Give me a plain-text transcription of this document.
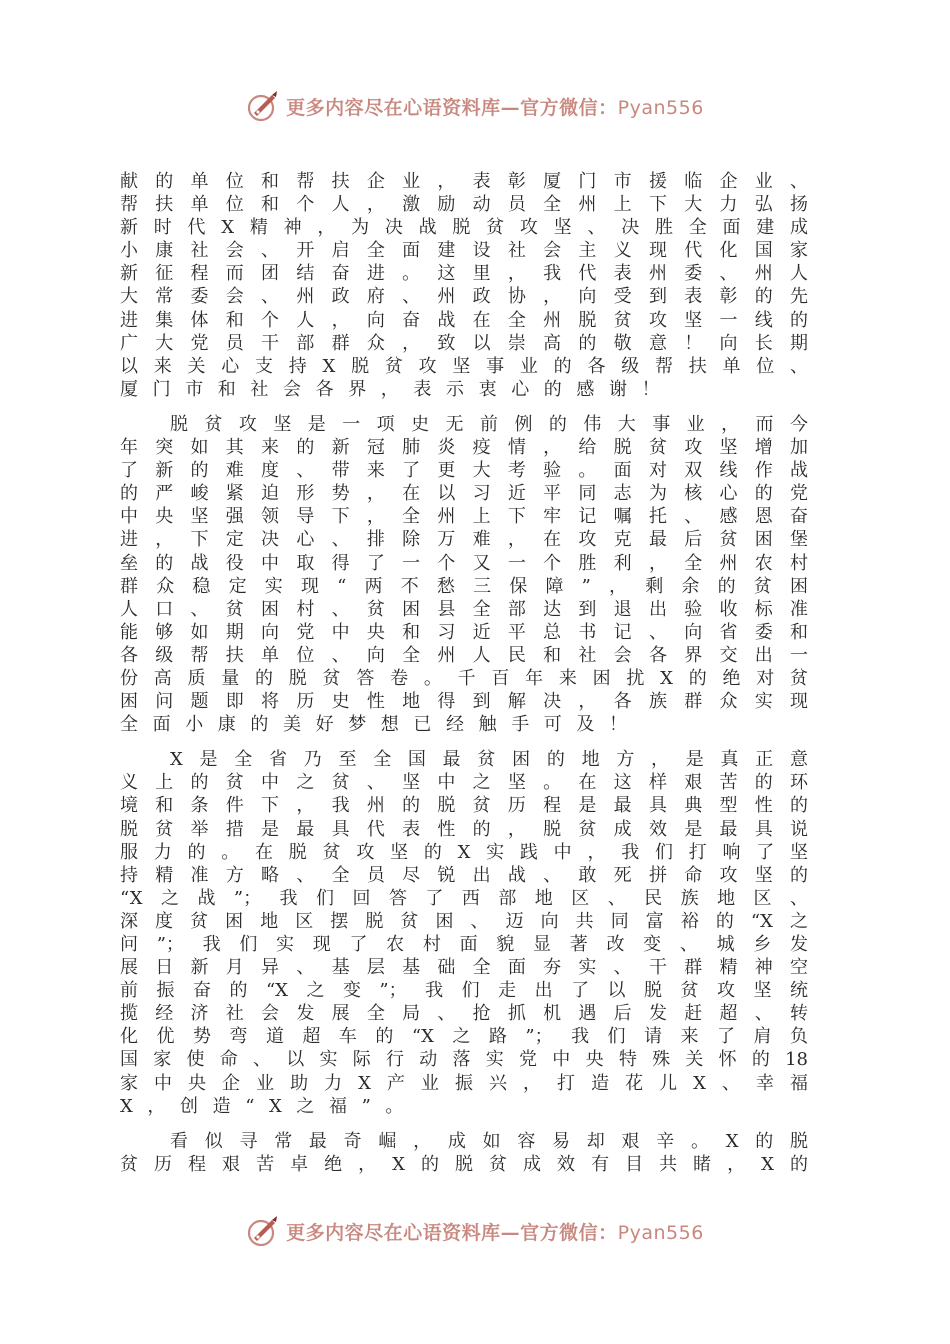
更多内容尽在心语资料库—官方微信：Pyan556
献的单位和帮扶企业，表彰厦门市援临企业、
帮扶单位和个人，激励动员全州上下大力弘扬
新时代X精神，为决战脱贫攻坚、决胜全面建成
小康社会、开启全面建设社会主义现代化国家
新征程而团结奋进。这里，我代表州委、州人
大常委会、州政府、州政协，向受到表彰的先
进集体和个人，向奋战在全州脱贫攻坚一线的
广大党员干部群众，致以崇高的敬意！向长期
以来关心支持X脱贫攻坚事业的各级帮扶单位、
厦门市和社会各界，表示衷心的感谢！
脱贫攻坚是一项史无前例的伟大事业，而今
年突如其来的新冠肺炎疫情，给脱贫攻坚增加
了新的难度、带来了更大考验。面对双线作战
的严峻紧迫形势，在以习近平同志为核心的党
中央坚强领导下，全州上下牢记嘱托、感恩奋
进，下定决心、排除万难，在攻克最后贫困堡
垒的战役中取得了一个又一个胜利，全州农村
群众稳定实现“两不愁三保障”，剩余的贫困
人口、贫困村、贫困县全部达到退出验收标准
能够如期向党中央和习近平总书记、向省委和
各级帮扶单位、向全州人民和社会各界交出一
份高质量的脱贫答卷。千百年来困扰X的绝对贫
困问题即将历史性地得到解决，各族群众实现
全面小康的美好梦想已经触手可及！
X是全省乃至全国最贫困的地方，是真正意
义上的贫中之贫、坚中之坚。在这样艰苦的环
境和条件下，我州的脱贫历程是最具典型性的
脱贫举措是最具代表性的，脱贫成效是最具说
服力的。在脱贫攻坚的X实践中，我们打响了坚
持精准方略、全员尽锐出战、敢死拼命攻坚的
“X之战”；我们回答了西部地区、民族地区、
深度贫困地区摆脱贫困、迈向共同富裕的“X之
问”；我们实现了农村面貌显著改变、城乡发
展日新月异、基层基础全面夯实、干群精神空
前振奋的“X之变”；我们走出了以脱贫攻坚统
揽经济社会发展全局、抢抓机遇后发赶超、转
化优势弯道超车的“X之路”；我们请来了肩负
国家使命、以实际行动落实党中央特殊关怀的18
家中央企业助力X产业振兴，打造花儿X、幸福
X，创造“X之福”。
看似寻常最奇崛，成如容易却艰辛。X的脱
贫历程艰苦卓绝，X的脱贫成效有目共睹，X的
更多内容尽在心语资料库—官方微信：Pyan556
